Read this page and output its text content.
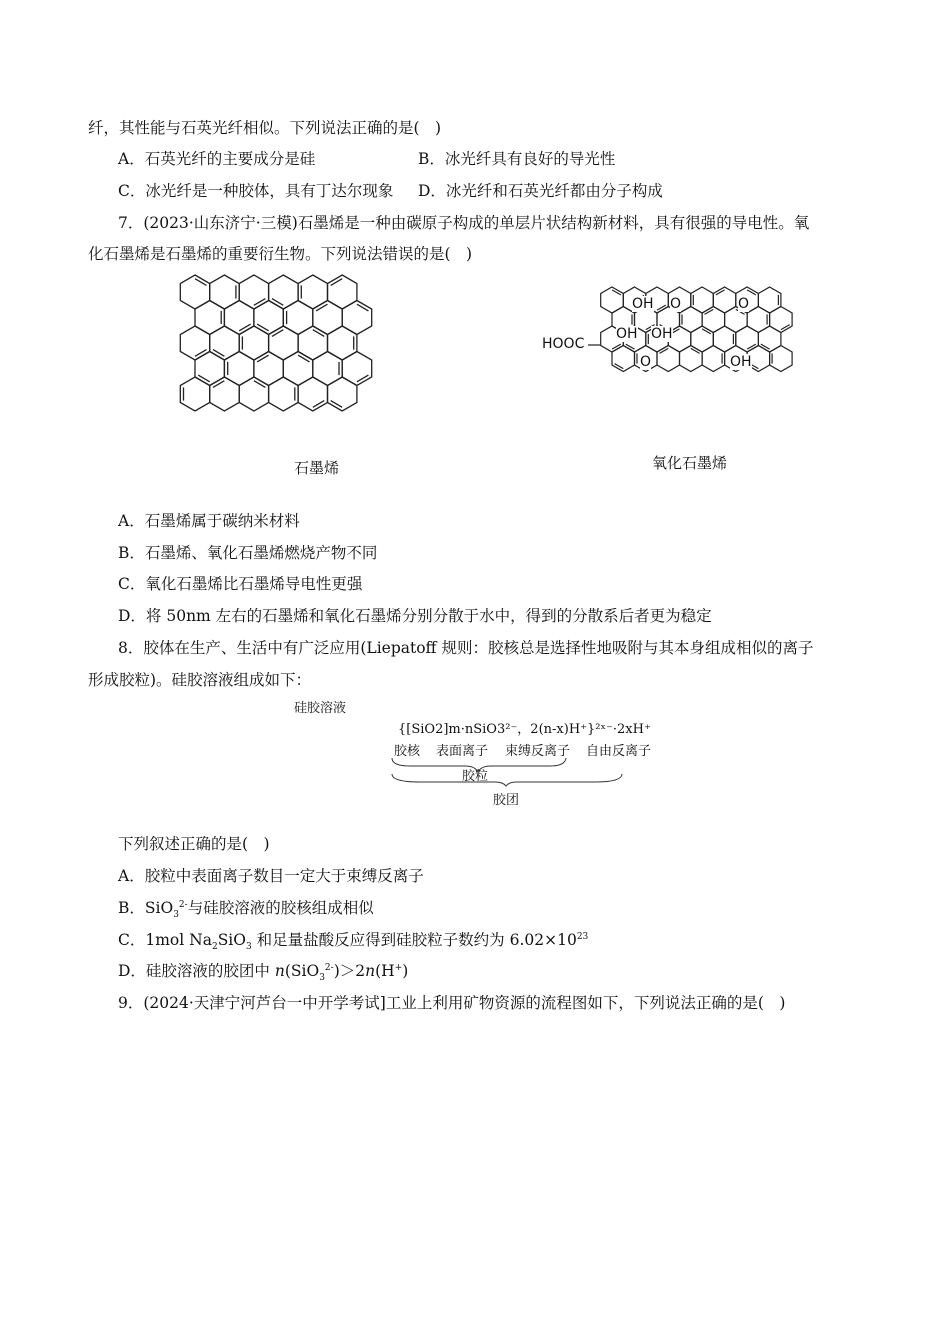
纤，其性能与石英光纤相似。下列说法正确的是(　)
A．石英光纤的主要成分是硅	B．冰光纤具有良好的导光性
C．冰光纤是一种胶体，具有丁达尔现象 D．冰光纤和石英光纤都由分子构成
7．(2023·山东济宁·三模)石墨烯是一种由碳原子构成的单层片状结构新材料，具有很强的导电性。氧
化石墨烯是石墨烯的重要衍生物。下列说法错误的是(　)
石墨烯
HOOC
OH O	O
OH OH
O	OH
氧化石墨烯
A．石墨烯属于碳纳米材料
B．石墨烯、氧化石墨烯燃烧产物不同
C．氧化石墨烯比石墨烯导电性更强
D．将 50nm 左右的石墨烯和氧化石墨烯分别分散于水中，得到的分散系后者更为稳定
8．胶体在生产、生活中有广泛应用(Liepatoff 规则：胶核总是选择性地吸附与其本身组成相似的离子
形成胶粒)。硅胶溶液组成如下：
硅胶溶液
{[SiO2]m·nSiO3²⁻，2(n-x)H⁺}²ˣ⁻·2xH⁺
胶核 表面离子 束缚反离子 自由反离子
胶粒
胶团
下列叙述正确的是(　)
A．胶粒中表面离子数目一定大于束缚反离子
B．SiO$_3^{2-}$与硅胶溶液的胶核组成相似
C．1mol $Na_2SiO_3$ 和足量盐酸反应得到硅胶粒子数约为 $6.02\times 10^{23}$
D．硅胶溶液的胶团中 n(SiO$_3^{2-}$)＞2n(H+)
9．(2024·天津宁河芦台一中开学考试]工业上利用矿物资源的流程图如下，下列说法正确的是(　)
